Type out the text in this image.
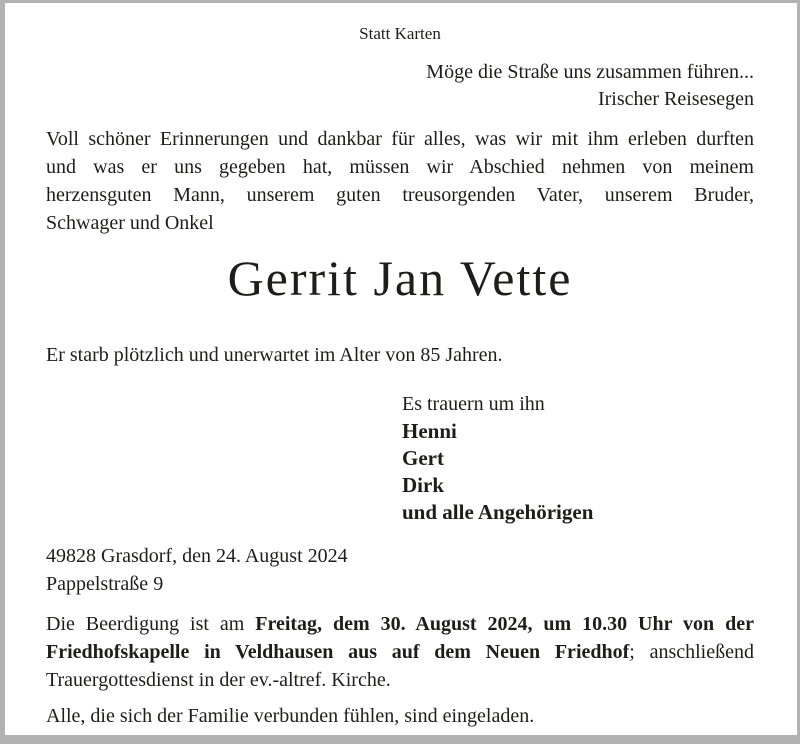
Statt Karten
Möge die Straße uns zusammen führen...
Irischer Reisesegen
Voll schöner Erinnerungen und dankbar für alles, was wir mit ihm erleben durften
und was er uns gegeben hat, müssen wir Abschied nehmen von meinem
herzensguten Mann, unserem guten treusorgenden Vater, unserem Bruder,
Schwager und Onkel
Gerrit Jan Vette
Er starb plötzlich und unerwartet im Alter von 85 Jahren.
Es trauern um ihn
Henni
Gert
Dirk
und alle Angehörigen
49828 Grasdorf, den 24. August 2024
Pappelstraße 9
Die Beerdigung ist am Freitag, dem 30. August 2024, um 10.30 Uhr von der
Friedhofskapelle in Veldhausen aus auf dem Neuen Friedhof; anschließend
Trauergottesdienst in der ev.-altref. Kirche.
Alle, die sich der Familie verbunden fühlen, sind eingeladen.
